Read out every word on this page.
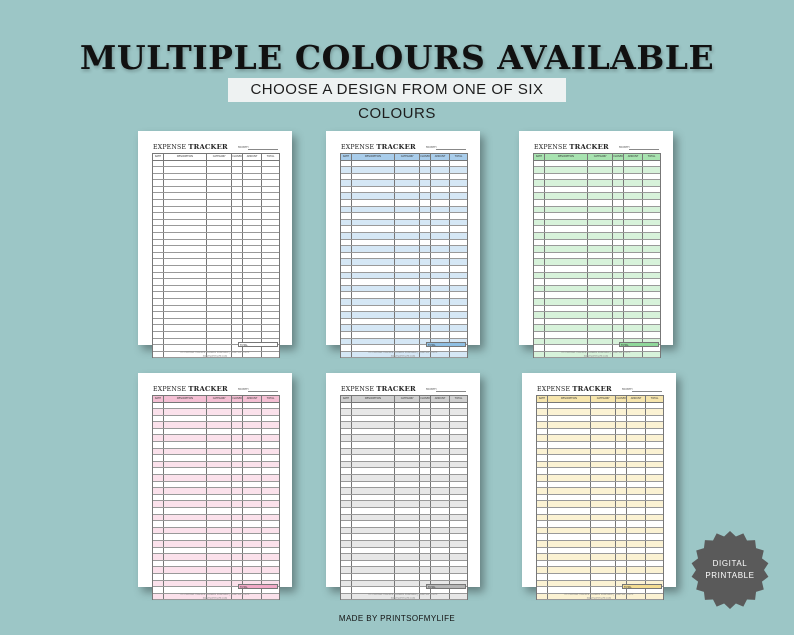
MULTIPLE COLOURS AVAILABLE
CHOOSE A DESIGN FROM ONE OF SIX COLOURS
EXPENSE TRACKER	MONTH
DATE	DESCRIPTION	CATEGORY	CLOSED	AMOUNT	TOTAL
TOTAL
MY EXPENSE TRACKER PLANNER PRINTABLE | PRINTSOFMYLIFE
PRINTSOFMYLIFE.COM
EXPENSE TRACKER	MONTH
DATE	DESCRIPTION	CATEGORY	CLOSED	AMOUNT	TOTAL
TOTAL
MY EXPENSE TRACKER PLANNER PRINTABLE | PRINTSOFMYLIFE
PRINTSOFMYLIFE.COM
EXPENSE TRACKER	MONTH
DATE	DESCRIPTION	CATEGORY	CLOSED	AMOUNT	TOTAL
TOTAL
MY EXPENSE TRACKER PLANNER PRINTABLE | PRINTSOFMYLIFE
PRINTSOFMYLIFE.COM
EXPENSE TRACKER	MONTH
DATE	DESCRIPTION	CATEGORY	CLOSED	AMOUNT	TOTAL
TOTAL
MY EXPENSE TRACKER PLANNER PRINTABLE | PRINTSOFMYLIFE
PRINTSOFMYLIFE.COM
EXPENSE TRACKER	MONTH
DATE	DESCRIPTION	CATEGORY	CLOSED	AMOUNT	TOTAL
TOTAL
MY EXPENSE TRACKER PLANNER PRINTABLE | PRINTSOFMYLIFE
PRINTSOFMYLIFE.COM
EXPENSE TRACKER	MONTH
DATE	DESCRIPTION	CATEGORY	CLOSED	AMOUNT	TOTAL
TOTAL
MY EXPENSE TRACKER PLANNER PRINTABLE | PRINTSOFMYLIFE
PRINTSOFMYLIFE.COM
DIGITAL
PRINTABLE
MADE BY PRINTSOFMYLIFE
